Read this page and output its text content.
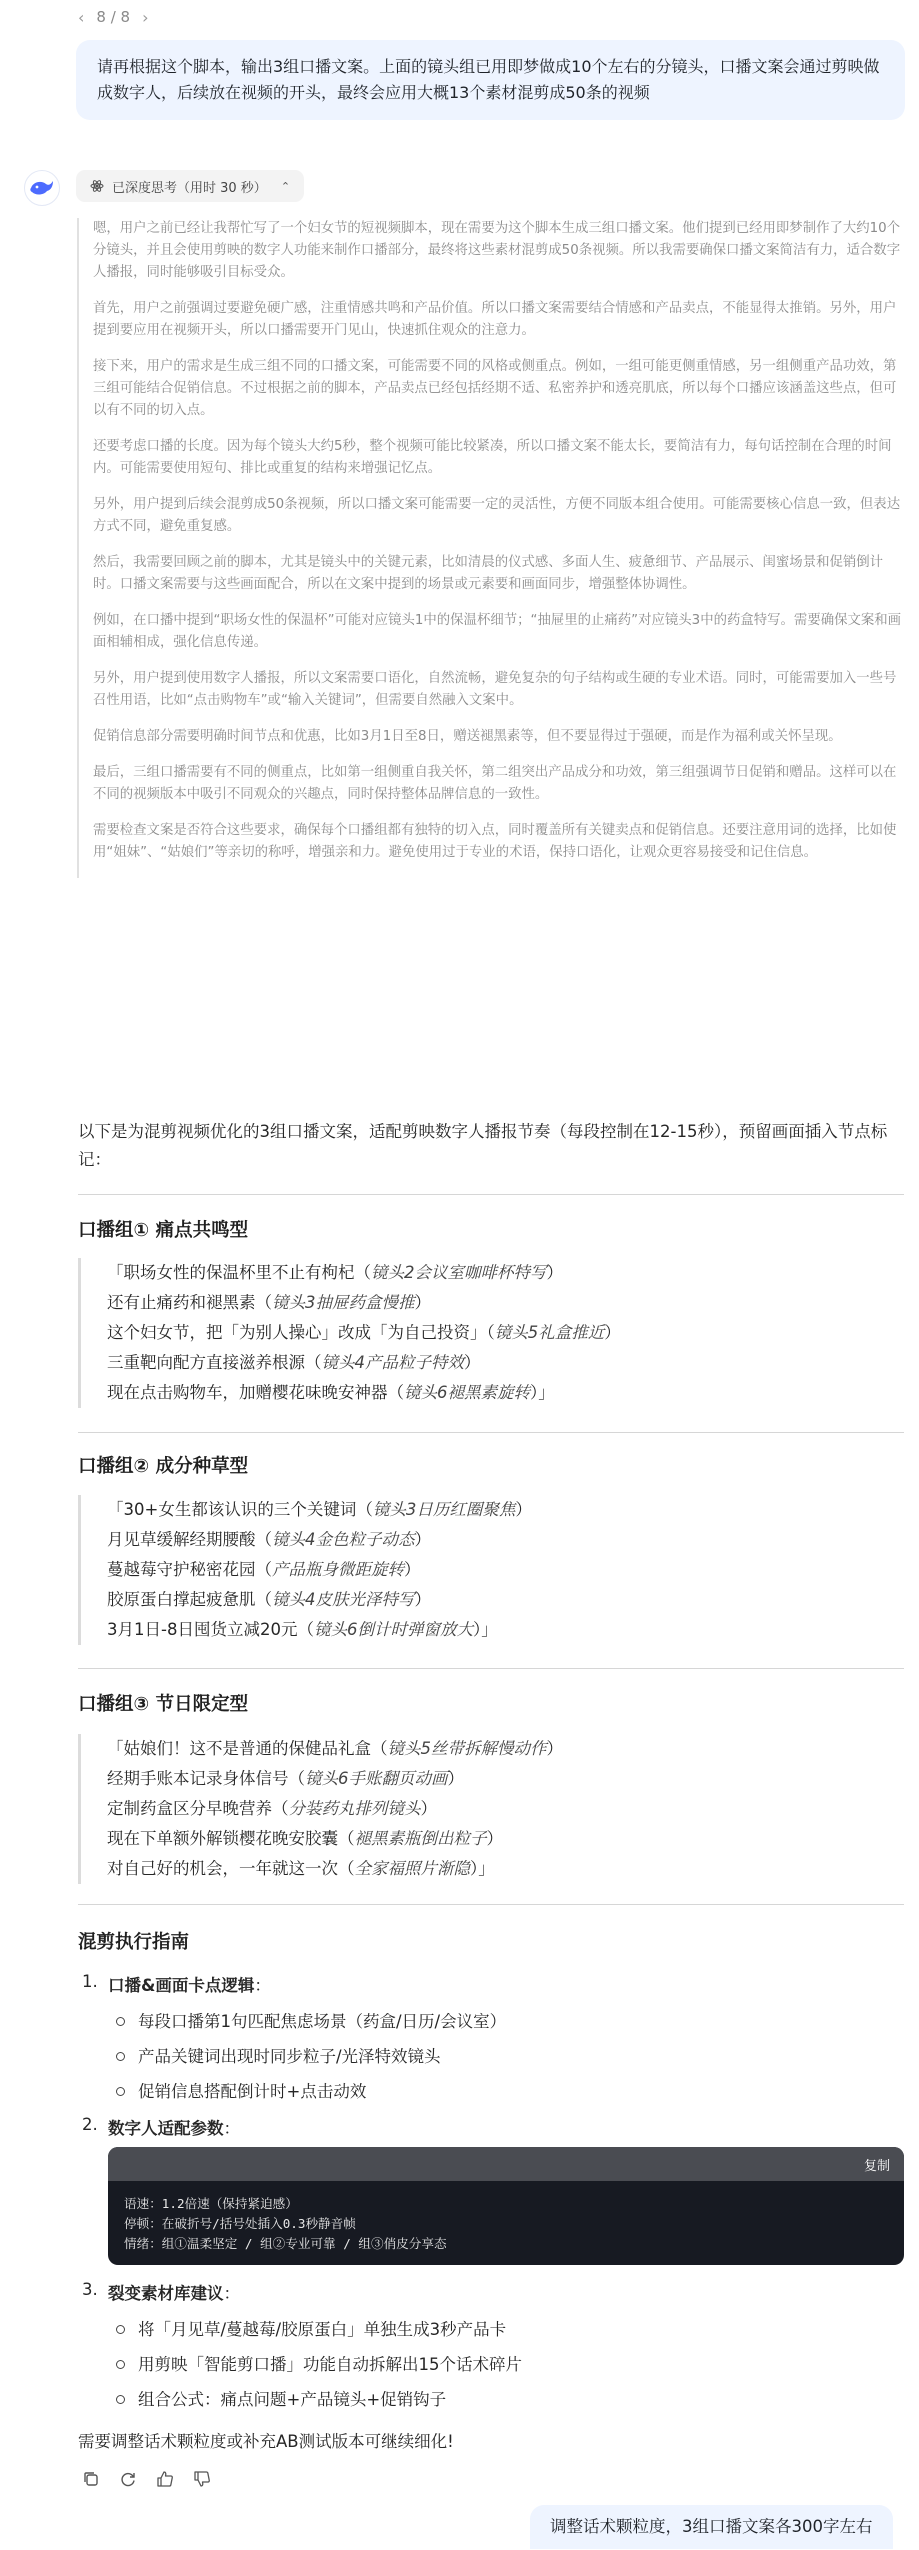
‹ 8 / 8 ›
请再根据这个脚本，输出3组口播文案。上面的镜头组已用即梦做成10个左右的分镜头，口播文案会通过剪映做成数字人，后续放在视频的开头，最终会应用大概13个素材混剪成50条的视频
已深度思考（用时 30 秒） ⌃

嗯，用户之前已经让我帮忙写了一个妇女节的短视频脚本，现在需要为这个脚本生成三组口播文案。他们提到已经用即梦制作了大约10个分镜头，并且会使用剪映的数字人功能来制作口播部分，最终将这些素材混剪成50条视频。所以我需要确保口播文案简洁有力，适合数字人播报，同时能够吸引目标受众。

首先，用户之前强调过要避免硬广感，注重情感共鸣和产品价值。所以口播文案需要结合情感和产品卖点，不能显得太推销。另外，用户提到要应用在视频开头，所以口播需要开门见山，快速抓住观众的注意力。

接下来，用户的需求是生成三组不同的口播文案，可能需要不同的风格或侧重点。例如，一组可能更侧重情感，另一组侧重产品功效，第三组可能结合促销信息。不过根据之前的脚本，产品卖点已经包括经期不适、私密养护和透亮肌底，所以每个口播应该涵盖这些点，但可以有不同的切入点。

还要考虑口播的长度。因为每个镜头大约5秒，整个视频可能比较紧凑，所以口播文案不能太长，要简洁有力，每句话控制在合理的时间内。可能需要使用短句、排比或重复的结构来增强记忆点。

另外，用户提到后续会混剪成50条视频，所以口播文案可能需要一定的灵活性，方便不同版本组合使用。可能需要核心信息一致，但表达方式不同，避免重复感。

然后，我需要回顾之前的脚本，尤其是镜头中的关键元素，比如清晨的仪式感、多面人生、疲惫细节、产品展示、闺蜜场景和促销倒计时。口播文案需要与这些画面配合，所以在文案中提到的场景或元素要和画面同步，增强整体协调性。

例如，在口播中提到“职场女性的保温杯”可能对应镜头1中的保温杯细节；“抽屉里的止痛药”对应镜头3中的药盒特写。需要确保文案和画面相辅相成，强化信息传递。

另外，用户提到使用数字人播报，所以文案需要口语化，自然流畅，避免复杂的句子结构或生硬的专业术语。同时，可能需要加入一些号召性用语，比如“点击购物车”或“输入关键词”，但需要自然融入文案中。

促销信息部分需要明确时间节点和优惠，比如3月1日至8日，赠送褪黑素等，但不要显得过于强硬，而是作为福利或关怀呈现。

最后，三组口播需要有不同的侧重点，比如第一组侧重自我关怀，第二组突出产品成分和功效，第三组强调节日促销和赠品。这样可以在不同的视频版本中吸引不同观众的兴趣点，同时保持整体品牌信息的一致性。

需要检查文案是否符合这些要求，确保每个口播组都有独特的切入点，同时覆盖所有关键卖点和促销信息。还要注意用词的选择，比如使用“姐妹”、“姑娘们”等亲切的称呼，增强亲和力。避免使用过于专业的术语，保持口语化，让观众更容易接受和记住信息。

以下是为混剪视频优化的3组口播文案，适配剪映数字人播报节奏（每段控制在12-15秒），预留画面插入节点标记：
口播组① 痛点共鸣型
「职场女性的保温杯里不止有枸杞（镜头2会议室咖啡杯特写）
还有止痛药和褪黑素（镜头3抽屉药盒慢推）
这个妇女节，把「为别人操心」改成「为自己投资」（镜头5礼盒推近）
三重靶向配方直接滋养根源（镜头4产品粒子特效）
现在点击购物车，加赠樱花味晚安神器（镜头6褪黑素旋转）」
口播组② 成分种草型
「30+女生都该认识的三个关键词（镜头3日历红圈聚焦）
月见草缓解经期腰酸（镜头4金色粒子动态）
蔓越莓守护秘密花园（产品瓶身微距旋转）
胶原蛋白撑起疲惫肌（镜头4皮肤光泽特写）
3月1日-8日囤货立减20元（镜头6倒计时弹窗放大）」
口播组③ 节日限定型
「姑娘们！这不是普通的保健品礼盒（镜头5丝带拆解慢动作）
经期手账本记录身体信号（镜头6手账翻页动画）
定制药盒区分早晚营养（分装药丸排列镜头）
现在下单额外解锁樱花晚安胶囊（褪黑素瓶倒出粒子）
对自己好的机会，一年就这一次（全家福照片渐隐）」
混剪执行指南
1. 口播&画面卡点逻辑：
每段口播第1句匹配焦虑场景（药盒/日历/会议室）
产品关键词出现时同步粒子/光泽特效镜头
促销信息搭配倒计时+点击动效
2. 数字人适配参数：
3. 裂变素材库建议：
将「月见草/蔓越莓/胶原蛋白」单独生成3秒产品卡
用剪映「智能剪口播」功能自动拆解出15个话术碎片
组合公式：痛点问题+产品镜头+促销钩子
复制
语速：1.2倍速（保持紧迫感）
停顿：在破折号/括号处插入0.3秒静音帧
情绪：组①温柔坚定 / 组②专业可靠 / 组③俏皮分享态
需要调整话术颗粒度或补充AB测试版本可继续细化!
调整话术颗粒度，3组口播文案各300字左右
